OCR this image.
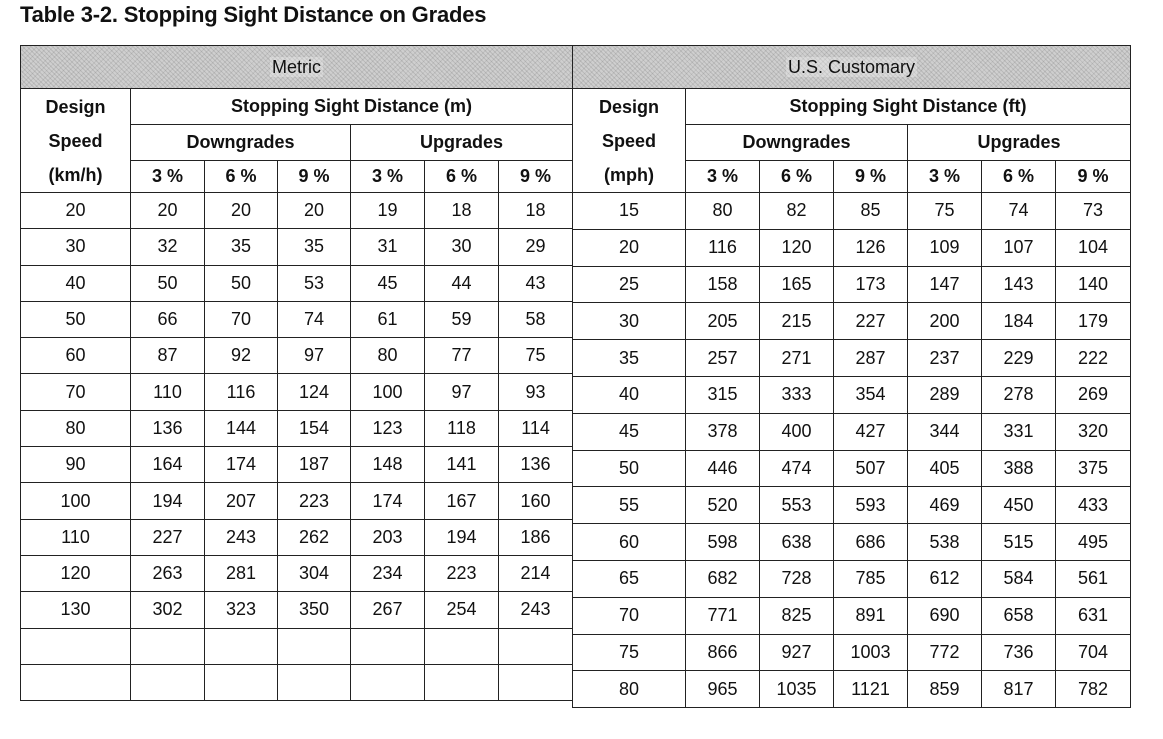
Table 3-2. Stopping Sight Distance on Grades
Metric						

Design
Speed
(km/h)	Stopping Sight Distance (m)					
	Downgrades			Upgrades		
	3 %	6 %	9 %	3 %	6 %	9 %
20	20	20	20	19	18	18
30	32	35	35	31	30	29
40	50	50	53	45	44	43
50	66	70	74	61	59	58
60	87	92	97	80	77	75
70	110	116	124	100	97	93
80	136	144	154	123	118	114
90	164	174	187	148	141	136
100	194	207	223	174	167	160
110	227	243	262	203	194	186
120	263	281	304	234	223	214
130	302	323	350	267	254	243

U.S. Customary						

Design
Speed
(mph)	Stopping Sight Distance (ft)					
	Downgrades			Upgrades		
	3 %	6 %	9 %	3 %	6 %	9 %
15	80	82	85	75	74	73
20	116	120	126	109	107	104
25	158	165	173	147	143	140
30	205	215	227	200	184	179
35	257	271	287	237	229	222
40	315	333	354	289	278	269
45	378	400	427	344	331	320
50	446	474	507	405	388	375
55	520	553	593	469	450	433
60	598	638	686	538	515	495
65	682	728	785	612	584	561
70	771	825	891	690	658	631
75	866	927	1003	772	736	704
80	965	1035	1121	859	817	782
